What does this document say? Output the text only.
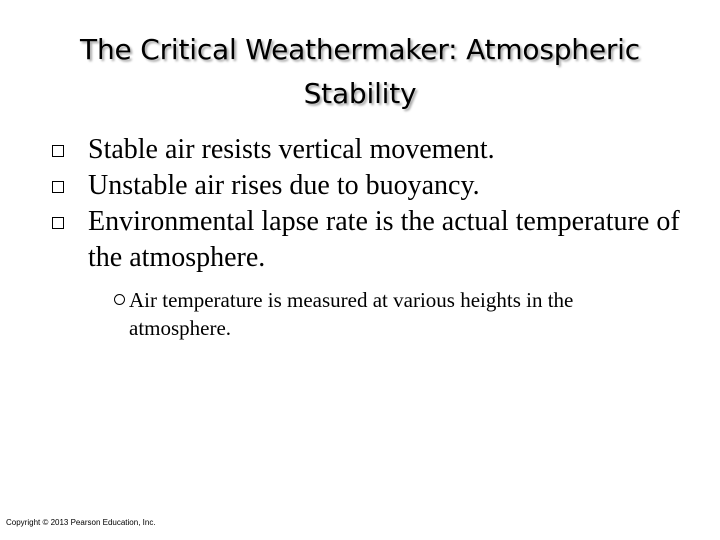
The Critical Weathermaker: Atmospheric
Stability
Stable air resists vertical movement.
Unstable air rises due to buoyancy.
Environmental lapse rate is the actual temperature of the atmosphere.
Air temperature is measured at various heights in the atmosphere.
Copyright © 2013 Pearson Education, Inc.
